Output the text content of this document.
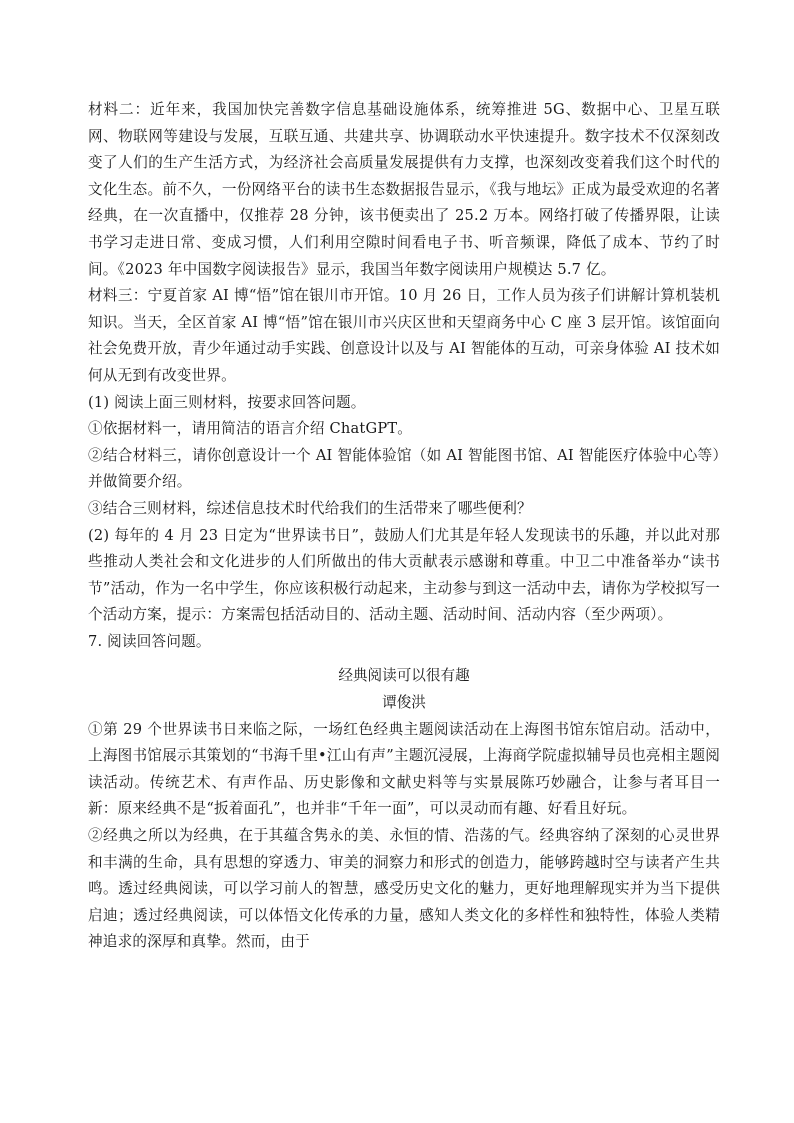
材料二：近年来，我国加快完善数字信息基础设施体系，统筹推进 5G、数据中心、卫星互联网、物联网等建设与发展，互联互通、共建共享、协调联动水平快速提升。数字技术不仅深刻改变了人们的生产生活方式，为经济社会高质量发展提供有力支撑，也深刻改变着我们这个时代的文化生态。前不久，一份网络平台的读书生态数据报告显示，《我与地坛》正成为最受欢迎的名著经典，在一次直播中，仅推荐 28 分钟，该书便卖出了 25.2 万本。网络打破了传播界限，让读书学习走进日常、变成习惯，人们利用空隙时间看电子书、听音频课，降低了成本、节约了时间。《2023 年中国数字阅读报告》显示，我国当年数字阅读用户规模达 5.7 亿。

材料三：宁夏首家 AI 博“悟”馆在银川市开馆。10 月 26 日，工作人员为孩子们讲解计算机装机知识。当天，全区首家 AI 博“悟”馆在银川市兴庆区世和天望商务中心 C 座 3 层开馆。该馆面向社会免费开放，青少年通过动手实践、创意设计以及与 AI 智能体的互动，可亲身体验 AI 技术如何从无到有改变世界。

(1) 阅读上面三则材料，按要求回答问题。

①依据材料一，请用简洁的语言介绍 ChatGPT。

②结合材料三，请你创意设计一个 AI 智能体验馆（如 AI 智能图书馆、AI 智能医疗体验中心等）并做简要介绍。

③结合三则材料，综述信息技术时代给我们的生活带来了哪些便利？

(2) 每年的 4 月 23 日定为“世界读书日”，鼓励人们尤其是年轻人发现读书的乐趣，并以此对那些推动人类社会和文化进步的人们所做出的伟大贡献表示感谢和尊重。中卫二中准备举办“读书节”活动，作为一名中学生，你应该积极行动起来，主动参与到这一活动中去，请你为学校拟写一个活动方案，提示：方案需包括活动目的、活动主题、活动时间、活动内容（至少两项）。

7. 阅读回答问题。

经典阅读可以很有趣

谭俊洪

①第 29 个世界读书日来临之际，一场红色经典主题阅读活动在上海图书馆东馆启动。活动中，上海图书馆展示其策划的“书海千里•江山有声”主题沉浸展，上海商学院虚拟辅导员也亮相主题阅读活动。传统艺术、有声作品、历史影像和文献史料等与实景展陈巧妙融合，让参与者耳目一新：原来经典不是“扳着面孔”，也并非“千年一面”，可以灵动而有趣、好看且好玩。

②经典之所以为经典，在于其蕴含隽永的美、永恒的情、浩荡的气。经典容纳了深刻的心灵世界和丰满的生命，具有思想的穿透力、审美的洞察力和形式的创造力，能够跨越时空与读者产生共鸣。透过经典阅读，可以学习前人的智慧，感受历史文化的魅力，更好地理解现实并为当下提供启迪；透过经典阅读，可以体悟文化传承的力量，感知人类文化的多样性和独特性，体验人类精神追求的深厚和真挚。然而，由于
